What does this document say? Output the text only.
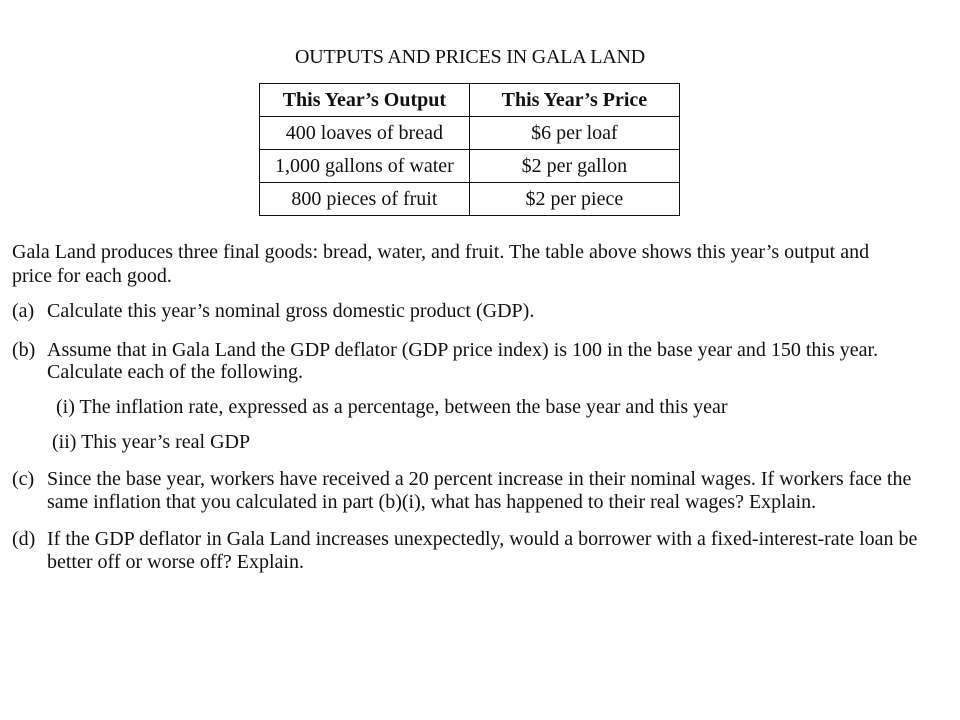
OUTPUTS AND PRICES IN GALA LAND
This Year’s Output	This Year’s Price
400 loaves of bread	$6 per loaf
1,000 gallons of water	$2 per gallon
800 pieces of fruit	$2 per piece
Gala Land produces three final goods: bread, water, and fruit. The table above shows this year’s output and
price for each good.
(a) Calculate this year’s nominal gross domestic product (GDP).
(b) Assume that in Gala Land the GDP deflator (GDP price index) is 100 in the base year and 150 this year.
Calculate each of the following.
(i) The inflation rate, expressed as a percentage, between the base year and this year
(ii) This year’s real GDP
(c) Since the base year, workers have received a 20 percent increase in their nominal wages. If workers face the
same inflation that you calculated in part (b)(i), what has happened to their real wages? Explain.
(d) If the GDP deflator in Gala Land increases unexpectedly, would a borrower with a fixed-interest-rate loan be
better off or worse off? Explain.
